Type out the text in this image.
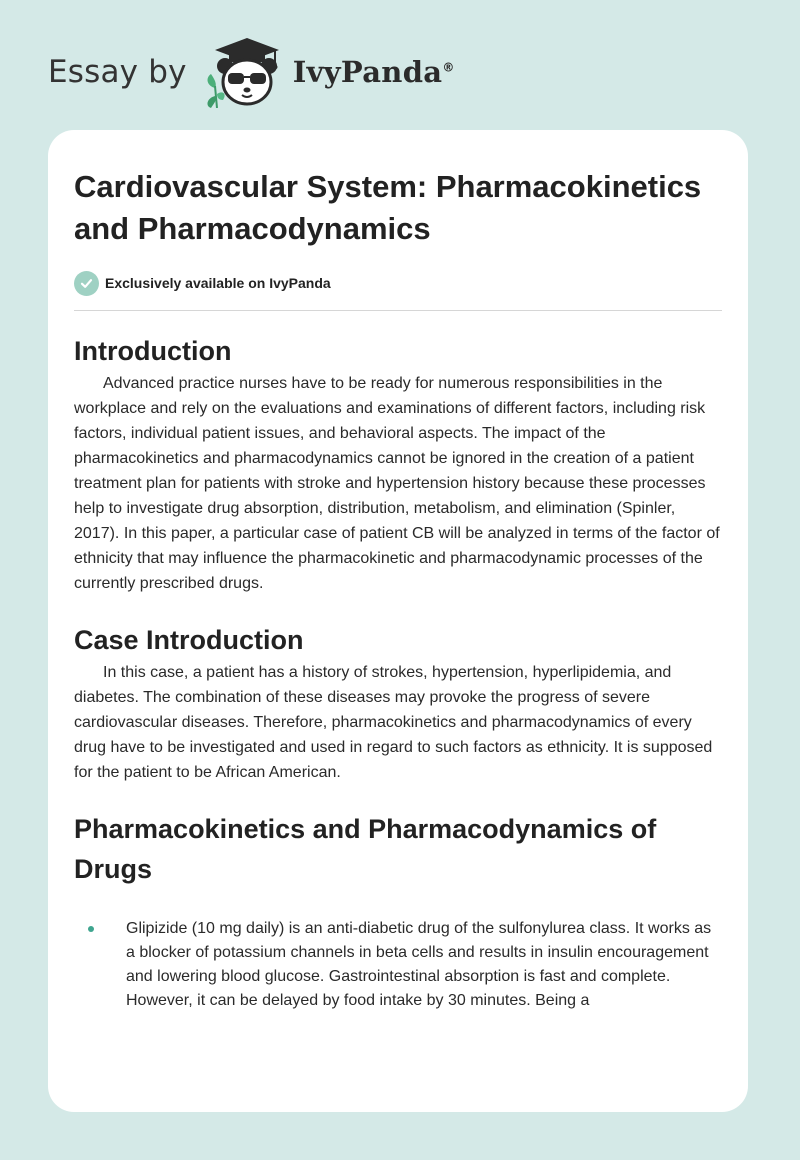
Essay by	IvyPanda®
Cardiovascular System: Pharmacokinetics and Pharmacodynamics
Exclusively available on IvyPanda
Introduction

Advanced practice nurses have to be ready for numerous responsibilities in the workplace and rely on the evaluations and examinations of different factors, including risk factors, individual patient issues, and behavioral aspects. The impact of the pharmacokinetics and pharmacodynamics cannot be ignored in the creation of a patient treatment plan for patients with stroke and hypertension history because these processes help to investigate drug absorption, distribution, metabolism, and elimination (Spinler, 2017). In this paper, a particular case of patient CB will be analyzed in terms of the factor of ethnicity that may influence the pharmacokinetic and pharmacodynamic processes of the currently prescribed drugs.

Case Introduction

In this case, a patient has a history of strokes, hypertension, hyperlipidemia, and diabetes. The combination of these diseases may provoke the progress of severe cardiovascular diseases. Therefore, pharmacokinetics and pharmacodynamics of every drug have to be investigated and used in regard to such factors as ethnicity. It is supposed for the patient to be African American.

Pharmacokinetics and Pharmacodynamics of Drugs
Glipizide (10 mg daily) is an anti-diabetic drug of the sulfonylurea class. It works as a blocker of potassium channels in beta cells and results in insulin encouragement and lowering blood glucose. Gastrointestinal absorption is fast and complete. However, it can be delayed by food intake by 30 minutes. Being a
